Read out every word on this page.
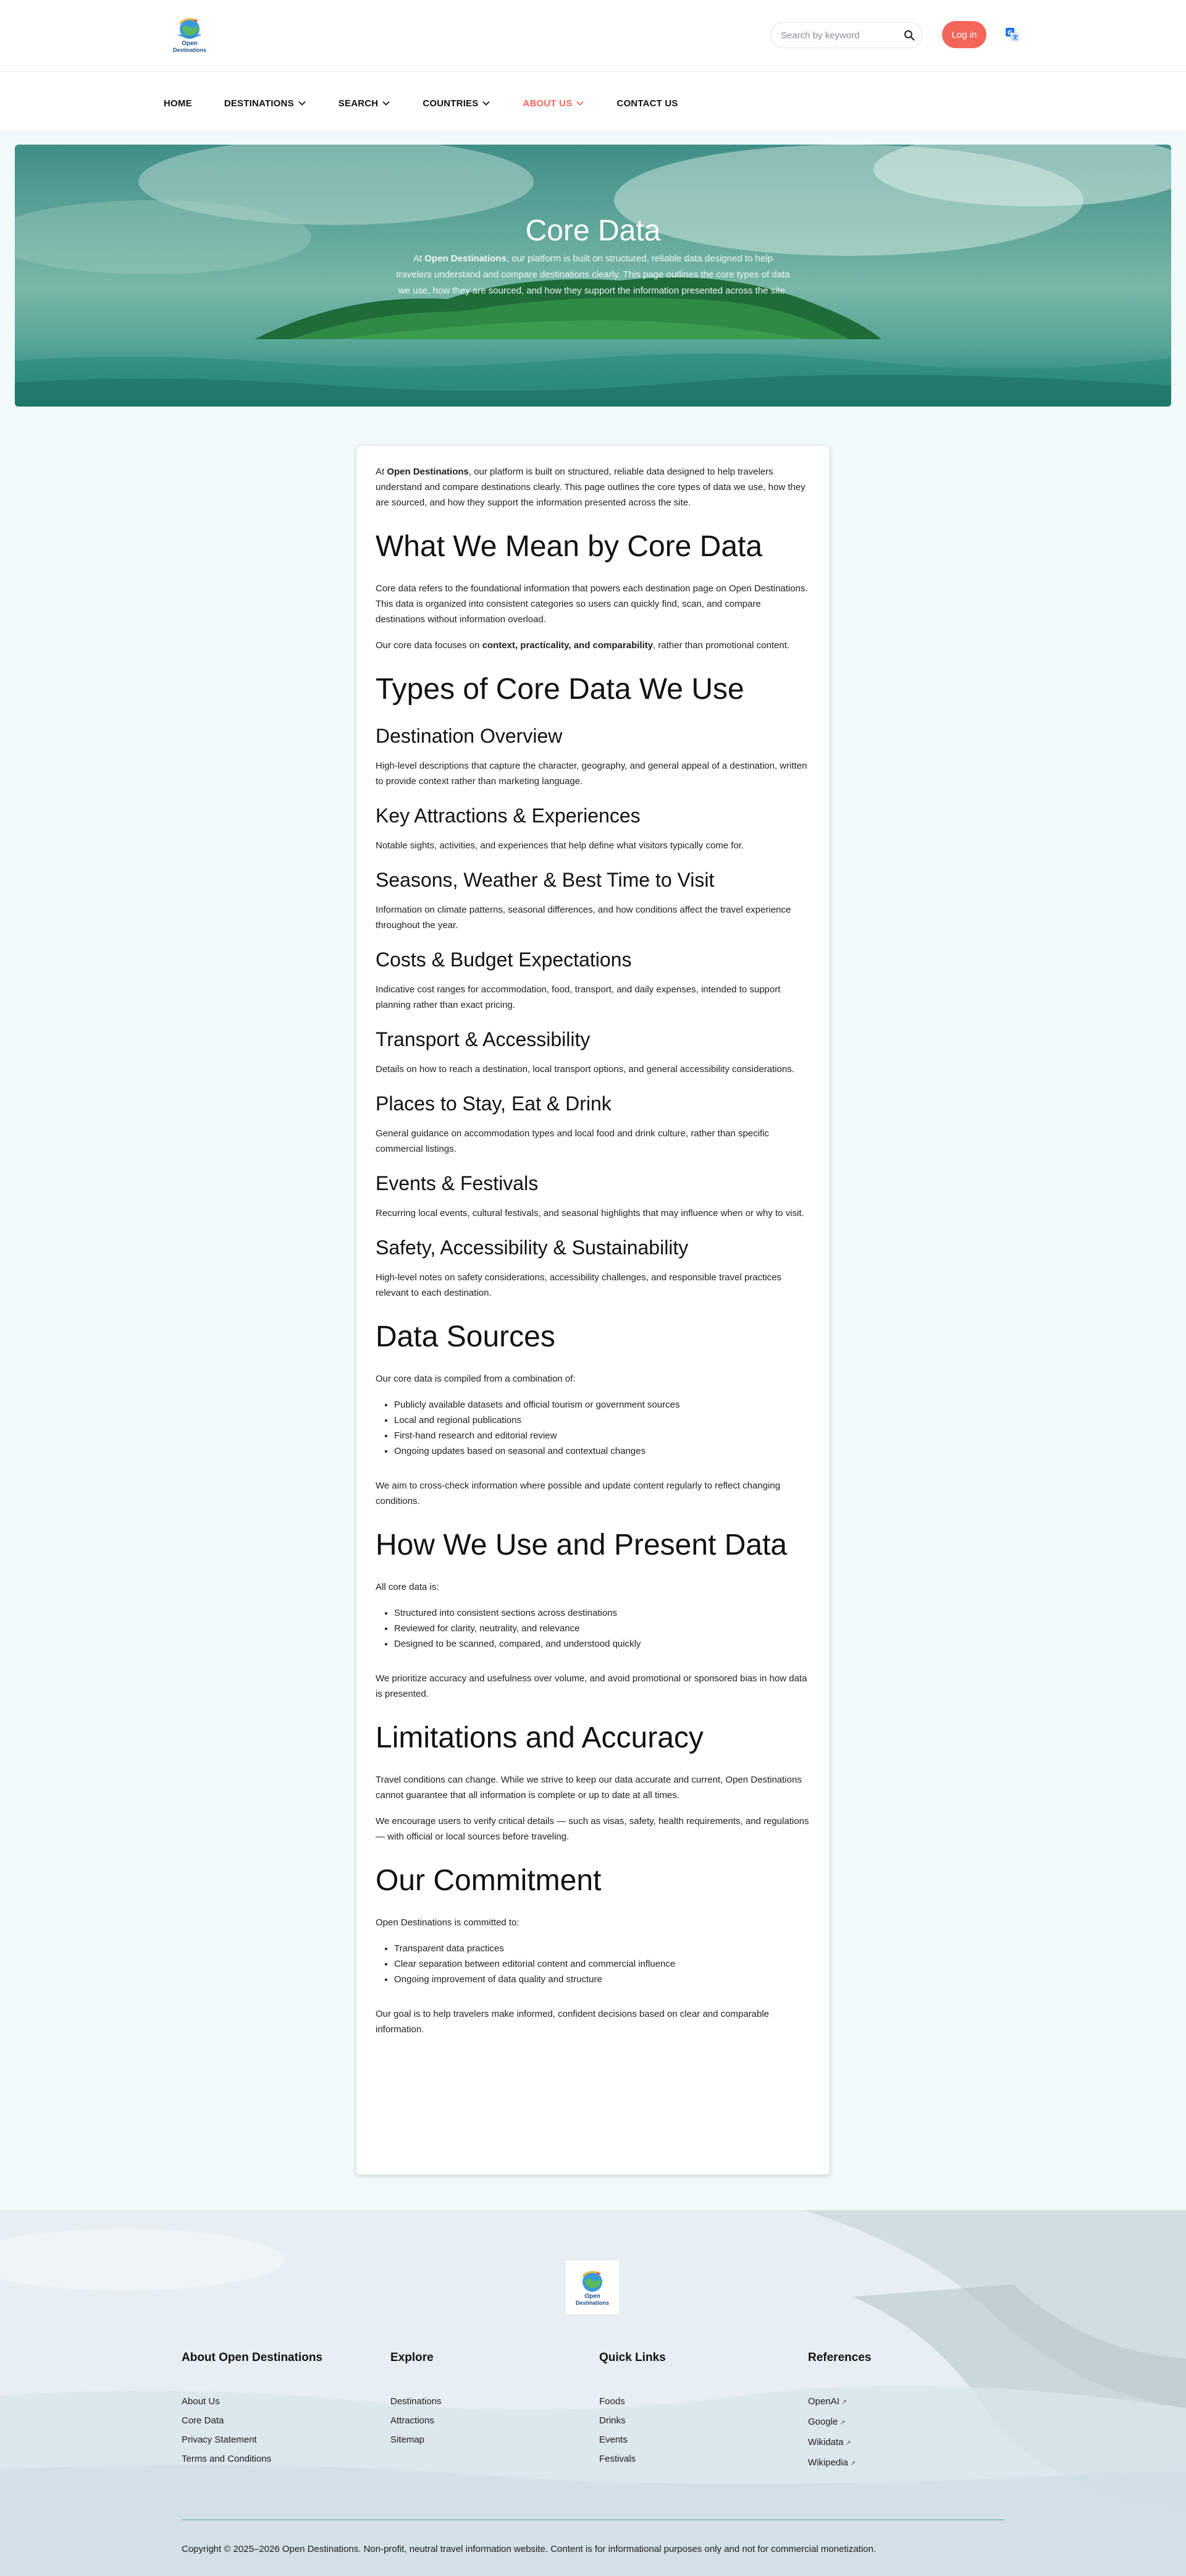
Open
Destinations
Search by keyword
Log in	G
HOME	DESTINATIONS	SEARCH	COUNTRIES	ABOUT US	CONTACT US
Core Data

At Open Destinations, our platform is built on structured, reliable data designed to help travelers understand and compare destinations clearly. This page outlines the core types of data we use, how they are sourced, and how they support the information presented across the site.

At Open Destinations, our platform is built on structured, reliable data designed to help travelers understand and compare destinations clearly. This page outlines the core types of data we use, how they are sourced, and how they support the information presented across the site.

What We Mean by Core Data

Core data refers to the foundational information that powers each destination page on Open Destinations. This data is organized into consistent categories so users can quickly find, scan, and compare destinations without information overload.

Our core data focuses on context, practicality, and comparability, rather than promotional content.

Types of Core Data We Use
Destination Overview

High-level descriptions that capture the character, geography, and general appeal of a destination, written to provide context rather than marketing language.

Key Attractions & Experiences

Notable sights, activities, and experiences that help define what visitors typically come for.

Seasons, Weather & Best Time to Visit

Information on climate patterns, seasonal differences, and how conditions affect the travel experience throughout the year.

Costs & Budget Expectations

Indicative cost ranges for accommodation, food, transport, and daily expenses, intended to support planning rather than exact pricing.

Transport & Accessibility

Details on how to reach a destination, local transport options, and general accessibility considerations.

Places to Stay, Eat & Drink

General guidance on accommodation types and local food and drink culture, rather than specific commercial listings.

Events & Festivals

Recurring local events, cultural festivals, and seasonal highlights that may influence when or why to visit.

Safety, Accessibility & Sustainability

High-level notes on safety considerations, accessibility challenges, and responsible travel practices relevant to each destination.

Data Sources

Our core data is compiled from a combination of:

• Publicly available datasets and official tourism or government sources
• Local and regional publications
• First-hand research and editorial review
• Ongoing updates based on seasonal and contextual changes

We aim to cross-check information where possible and update content regularly to reflect changing conditions.

How We Use and Present Data

All core data is:

• Structured into consistent sections across destinations
• Reviewed for clarity, neutrality, and relevance
• Designed to be scanned, compared, and understood quickly

We prioritize accuracy and usefulness over volume, and avoid promotional or sponsored bias in how data is presented.

Limitations and Accuracy

Travel conditions can change. While we strive to keep our data accurate and current, Open Destinations cannot guarantee that all information is complete or up to date at all times.

We encourage users to verify critical details — such as visas, safety, health requirements, and regulations — with official or local sources before traveling.

Our Commitment

Open Destinations is committed to:

• Transparent data practices
• Clear separation between editorial content and commercial influence
• Ongoing improvement of data quality and structure

Our goal is to help travelers make informed, confident decisions based on clear and comparable information.

Open
Destinations
About Open Destinations
About Us
Core Data
Privacy Statement
Terms and Conditions
Explore
Destinations
Attractions
Sitemap
Quick Links
Foods
Drinks
Events
Festivals
References
OpenAI ↗
Google ↗
Wikidata ↗
Wikipedia ↗

Copyright © 2025–2026 Open Destinations. Non-profit, neutral travel information website. Content is for informational purposes only and not for commercial monetization.
